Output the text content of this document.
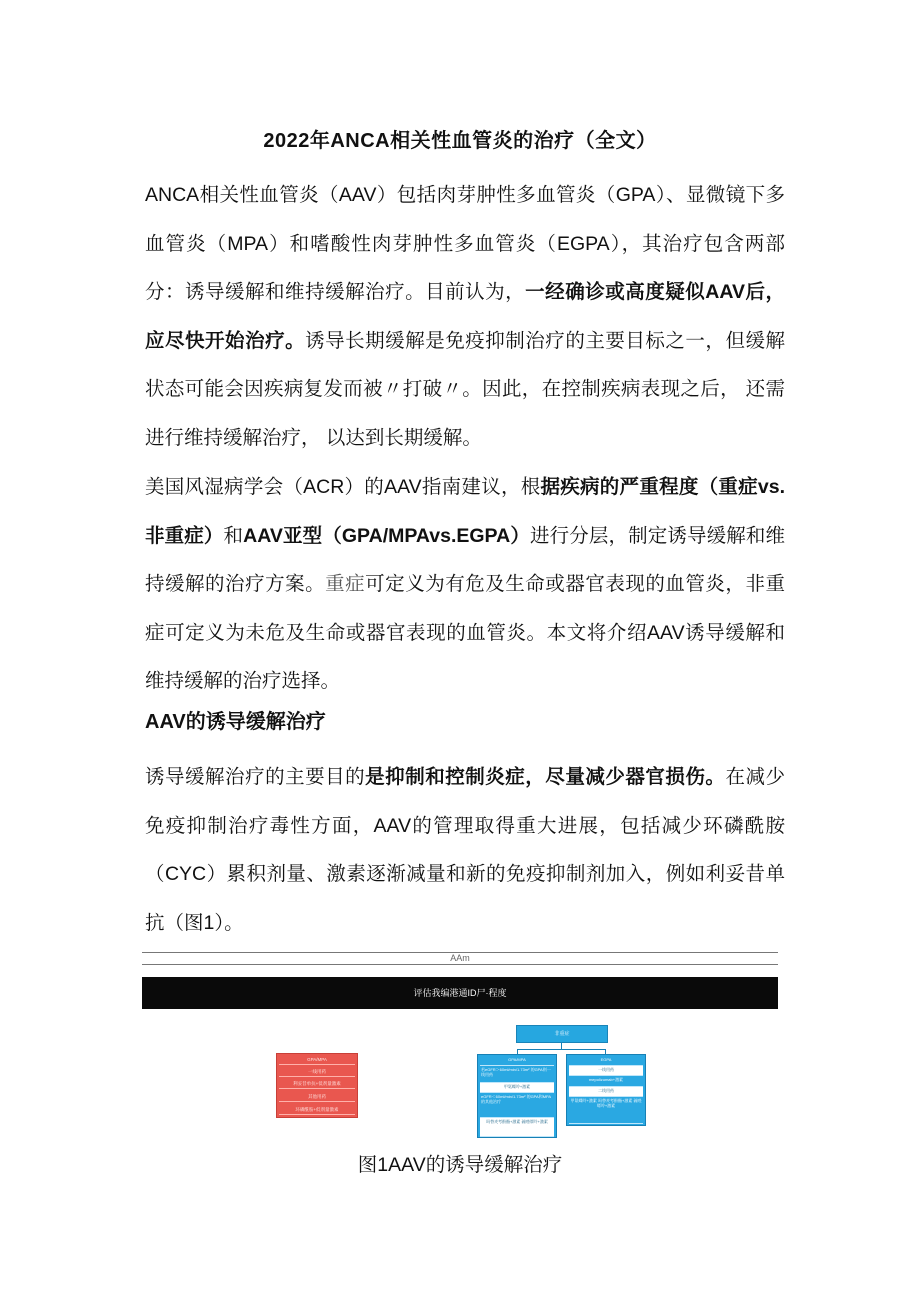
2022年ANCA相关性血管炎的治疗（全文）
ANCA相关性血管炎（AAV）包括肉芽肿性多血管炎（GPA）、显微镜下多血管炎（MPA）和嗜酸性肉芽肿性多血管炎（EGPA），其治疗包含两部分：诱导缓解和维持缓解治疗。目前认为，一经确诊或高度疑似AAV后，应尽快开始治疗。诱导长期缓解是免疫抑制治疗的主要目标之一，但缓解状态可能会因疾病复发而被〃打破〃。因此，在控制疾病表现之后， 还需进行维持缓解治疗， 以达到长期缓解。
美国风湿病学会（ACR）的AAV指南建议，根据疾病的严重程度（重症vs.非重症）和AAV亚型（GPA/MPAvs.EGPA）进行分层，制定诱导缓解和维持缓解的治疗方案。重症可定义为有危及生命或器官表现的血管炎，非重症可定义为未危及生命或器官表现的血管炎。本文将介绍AAV诱导缓解和维持缓解的治疗选择。
AAV的诱导缓解治疗
诱导缓解治疗的主要目的是抑制和控制炎症，尽量减少器官损伤。在减少免疫抑制治疗毒性方面，AAV的管理取得重大进展，包括减少环磷酰胺（CYC）累积剂量、激素逐渐减量和新的免疫抑制剂加入，例如利妥昔单抗（图1）。
AAm
评估我编港通ID尸·程度
GPA/MPA
一线用药
利妥昔单抗+低剂量激素
其他用药
环磷酰胺+低剂量激素
非重症
GPA/MPA
若eGFR＞60ml/min/1.73m² 的GPA则一线用药
甲氨蝶呤+激素
eGFR＜60ml/min/1.73m² 的GPA和MPA的其他治疗
吗替麦考酚酯+激素 硫唑嘌呤+激素
EGPA
一线用药
mepolizumab+激素
二线用药
甲氨蝶呤+激素 吗替麦考酚酯+激素 硫唑嘌呤+激素
图1AAV的诱导缓解治疗
